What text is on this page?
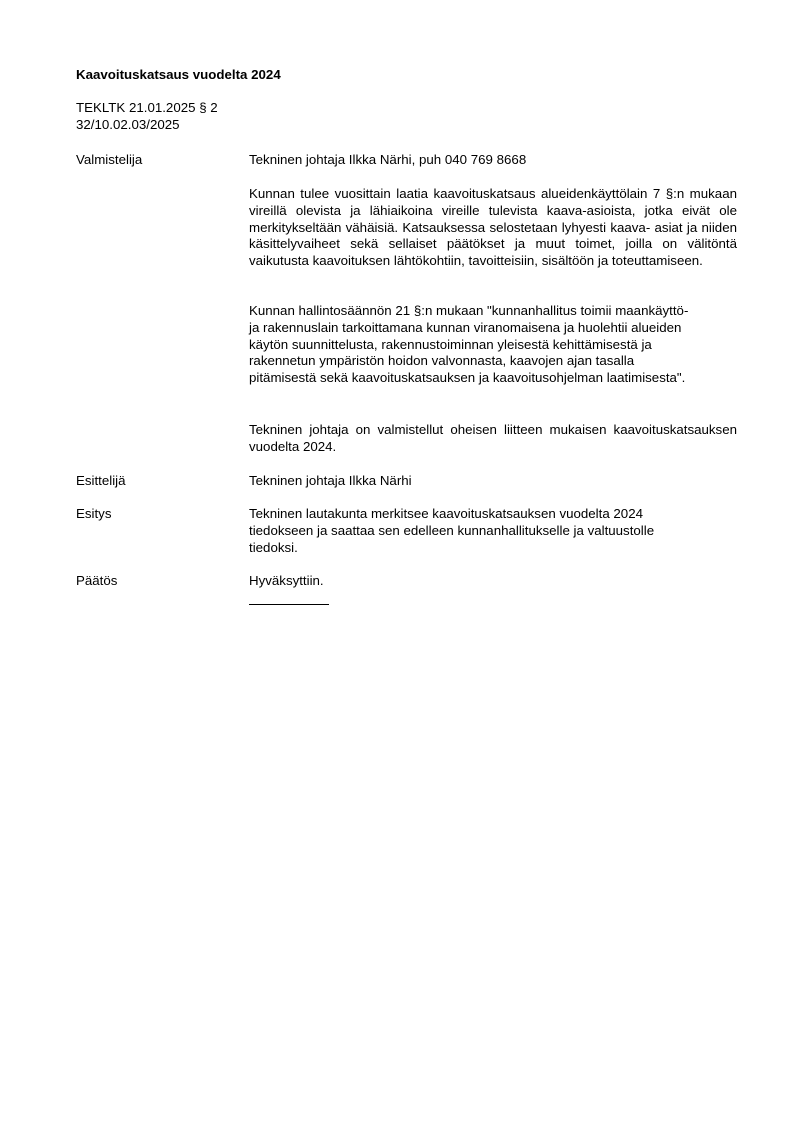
Kaavoituskatsaus vuodelta 2024
TEKLTK 21.01.2025 § 2
32/10.02.03/2025
Valmistelija	Tekninen johtaja Ilkka Närhi, puh 040 769 8668
Kunnan tulee vuosittain laatia kaavoituskatsaus alueidenkäyttölain 7 §:n mukaan vireillä olevista ja lähiaikoina vireille tulevista kaava-asioista, jotka eivät ole merkitykseltään vähäisiä. Katsauksessa selostetaan lyhyesti kaava- asiat ja niiden käsittelyvaiheet sekä sellaiset päätökset ja muut toimet, joilla on välitöntä vaikutusta kaavoituksen lähtökohtiin, tavoitteisiin, sisältöön ja toteuttamiseen.
Kunnan hallintosäännön 21 §:n mukaan "kunnanhallitus toimii maankäyttö-
ja rakennuslain tarkoittamana kunnan viranomaisena ja huolehtii alueiden
käytön suunnittelusta, rakennustoiminnan yleisestä kehittämisestä ja
rakennetun ympäristön hoidon valvonnasta, kaavojen ajan tasalla
pitämisestä sekä kaavoituskatsauksen ja kaavoitusohjelman laatimisesta".
Tekninen johtaja on valmistellut oheisen liitteen mukaisen kaavoituskatsauksen vuodelta 2024.
Esittelijä	Tekninen johtaja Ilkka Närhi
Esitys	Tekninen lautakunta merkitsee kaavoituskatsauksen vuodelta 2024
tiedokseen ja saattaa sen edelleen kunnanhallitukselle ja valtuustolle
tiedoksi.
Päätös	Hyväksyttiin.
